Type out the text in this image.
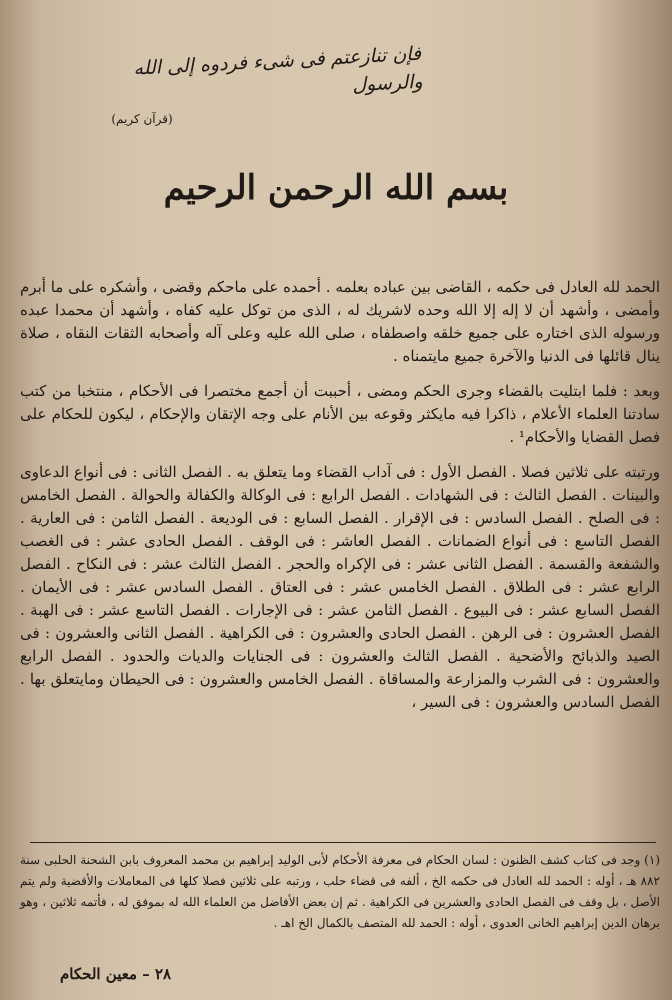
فإن تنازعتم فى شىء فردوه إلى الله والرسول
(قرآن كريم)
بسم الله الرحمن الرحيم

الحمد لله العادل فى حكمه ، القاضى بين عباده بعلمه . أحمده على ماحكم وقضى ، وأشكره على ما أبرم وأمضى ، وأشهد أن لا إله إلا الله وحده لاشريك له ، الذى من توكل عليه كفاه ، وأشهد أن محمدا عبده ورسوله الذى اختاره على جميع خلقه واصطفاه ، صلى الله عليه وعلى آله وأصحابه الثقات النقاه ، صلاة ينال قائلها فى الدنيا والآخرة جميع مايتمناه .

وبعد : فلما ابتليت بالقضاء وجرى الحكم ومضى ، أحببت أن أجمع مختصرا فى الأحكام ، منتخبا من كتب سادتنا العلماء الأعلام ، ذاكرا فيه مايكثر وقوعه بين الأنام على وجه الإتقان والإحكام ، ليكون للحكام على فصل القضايا والأحكام¹ .

ورتبته على ثلاثين فصلا . الفصل الأول : فى آداب القضاء وما يتعلق به . الفصل الثانى : فى أنواع الدعاوى والبينات . الفصل الثالث : فى الشهادات . الفصل الرابع : فى الوكالة والكفالة والحوالة . الفصل الخامس : فى الصلح . الفصل السادس : فى الإقرار . الفصل السابع : فى الوديعة . الفصل الثامن : فى العارية . الفصل التاسع : فى أنواع الضمانات . الفصل العاشر : فى الوقف . الفصل الحادى عشر : فى الغصب والشفعة والقسمة . الفصل الثانى عشر : فى الإكراه والحجر . الفصل الثالث عشر : فى النكاح . الفصل الرابع عشر : فى الطلاق . الفصل الخامس عشر : فى العتاق . الفصل السادس عشر : فى الأيمان . الفصل السابع عشر : فى البيوع . الفصل الثامن عشر : فى الإجارات . الفصل التاسع عشر : فى الهبة . الفصل العشرون : فى الرهن . الفصل الحادى والعشرون : فى الكراهية . الفصل الثانى والعشرون : فى الصيد والذبائح والأضحية . الفصل الثالث والعشرون : فى الجنايات والديات والحدود . الفصل الرابع والعشرون : فى الشرب والمزارعة والمساقاة . الفصل الخامس والعشرون : فى الحيطان ومايتعلق بها . الفصل السادس والعشرون : فى السير ،

(١) وجد فى كتاب كشف الظنون : لسان الحكام فى معرفة الأحكام لأبى الوليد إبراهيم بن محمد المعروف بابن الشحنة الحلبى سنة ٨٨٢ هـ ، أوله : الحمد لله العادل فى حكمه الخ ، ألفه فى قضاء حلب ، ورتبه على ثلاثين فصلا كلها فى المعاملات والأقضية ولم يتم الأصل ، بل وقف فى الفصل الحادى والعشرين فى الكراهية . ثم إن بعض الأفاضل من العلماء الله له بموفق له ، فأتمه ثلاثين ، وهو برهان الدين إبراهيم الخانى العدوى ، أوله : الحمد لله المتصف بالكمال الخ اهـ .
٢٨ – معين الحكام
